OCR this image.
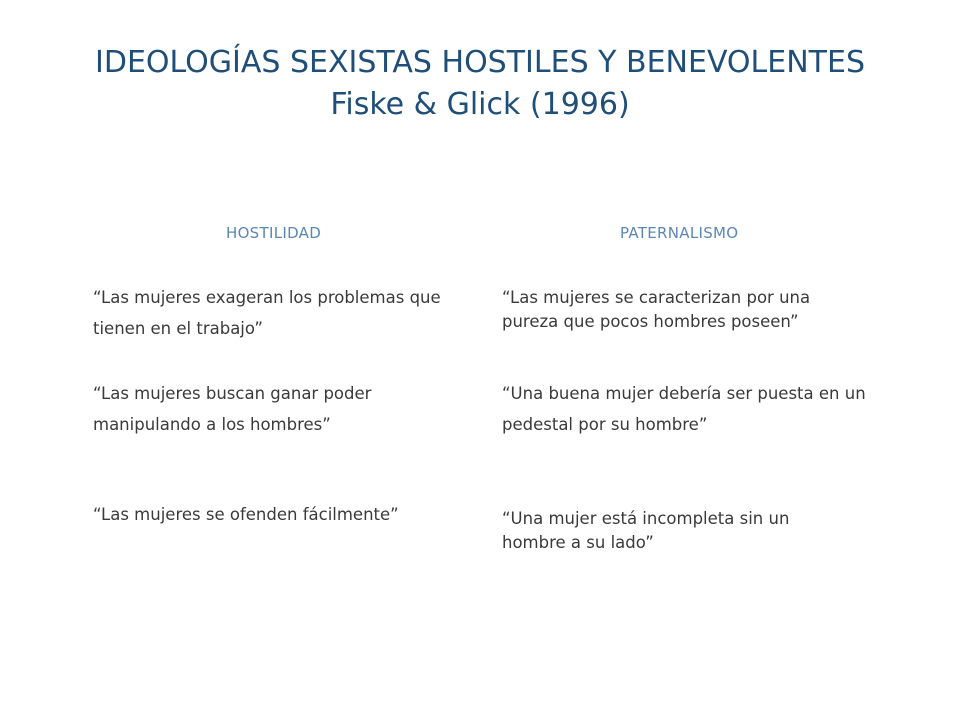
IDEOLOGÍAS SEXISTAS HOSTILES Y BENEVOLENTES
Fiske & Glick (1996)
HOSTILIDAD	PATERNALISMO
“Las mujeres exageran los problemas que tienen en el trabajo”
“Las mujeres buscan ganar poder manipulando a los hombres”
“Las mujeres se ofenden fácilmente”
“Las mujeres se caracterizan por una pureza que pocos hombres poseen”
“Una buena mujer debería ser puesta en un pedestal por su hombre”
“Una mujer está incompleta sin un hombre a su lado”
